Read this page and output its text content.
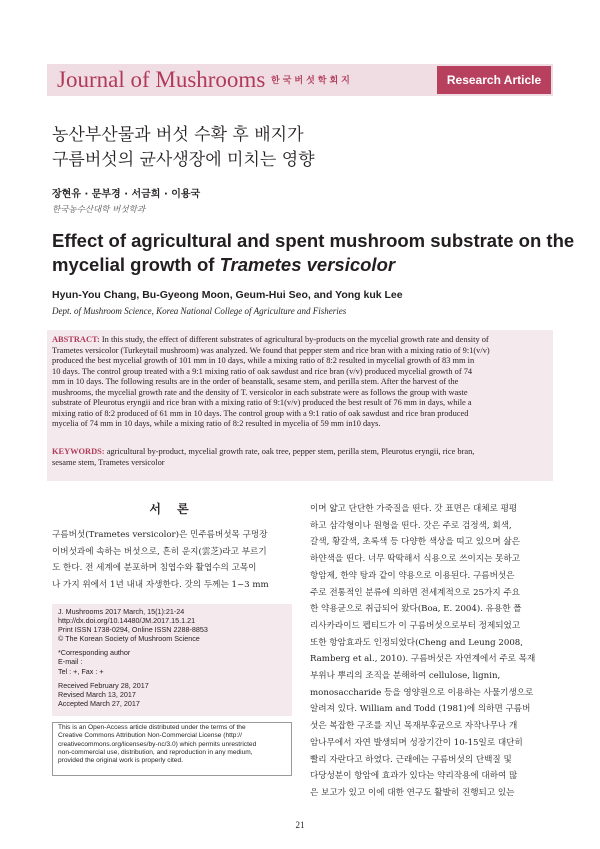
Journal of Mushrooms 한국버섯학회지	Research Article
농산부산물과 버섯 수확 후 배지가
구름버섯의 균사생장에 미치는 영향
장현유 · 문부경 · 서금희 · 이용국
한국농수산대학 버섯학과
Effect of agricultural and spent mushroom substrate on the
mycelial growth of Trametes versicolor
Hyun-You Chang, Bu-Gyeong Moon, Geum-Hui Seo, and Yong kuk Lee
Dept. of Mushroom Science, Korea National College of Agriculture and Fisheries
ABSTRACT: In this study, the effect of different substrates of agricultural by-products on the mycelial growth rate and density of
Trametes versicolor (Turkeytail mushroom) was analyzed. We found that pepper stem and rice bran with a mixing ratio of 9:1(v/v)
produced the best mycelial growth of 101 mm in 10 days, while a mixing ratio of 8:2 resulted in mycelial growth of 83 mm in
10 days. The control group treated with a 9:1 mixing ratio of oak sawdust and rice bran (v/v) produced mycelial growth of 74
mm in 10 days. The following results are in the order of beanstalk, sesame stem, and perilla stem. After the harvest of the
mushrooms, the mycelial growth rate and the density of T. versicolor in each substrate were as follows the group with waste
substrate of Pleurotus eryngii and rice bran with a mixing ratio of 9:1(v/v) produced the best result of 76 mm in days, while a
mixing ratio of 8:2 produced of 61 mm in 10 days. The control group with a 9:1 ratio of oak sawdust and rice bran produced
mycelia of 74 mm in 10 days, while a mixing ratio of 8:2 resulted in mycelia of 59 mm in10 days.
KEYWORDS: agricultural by-product, mycelial growth rate, oak tree, pepper stem, perilla stem, Pleurotus eryngii, rice bran,
sesame stem, Trametes versicolor
서 론
구름버섯(Trametes versicolor)은 민주름버섯목 구멍장
이버섯과에 속하는 버섯으로, 흔히 운지(雲芝)라고 부르기
도 한다. 전 세계에 분포하며 침엽수와 활엽수의 고목이
나 가지 위에서 1년 내내 자생한다. 갓의 두께는 1~3 mm
J. Mushrooms 2017 March, 15(1):21-24
http://dx.doi.org/10.14480/JM.2017.15.1.21
Print ISSN 1738-0294, Online ISSN 2288-8853
© The Korean Society of Mushroom Science
*Corresponding author
E-mail :
Tel : +, Fax : +
Received February 28, 2017
Revised March 13, 2017
Accepted March 27, 2017
This is an Open-Access article distributed under the terms of the
Creative Commons Attribution Non-Commercial License (http://
creativecommons.org/licenses/by-nc/3.0) which permits unrestricted
non-commercial use, distribution, and reproduction in any medium,
provided the original work is properly cited.
이며 얇고 단단한 가죽질을 띤다. 갓 표면은 대체로 평평
하고 삼각형이나 원형을 띤다. 갓은 주로 검정색, 회색,
갈색, 황갈색, 초록색 등 다양한 색상을 띠고 있으며 삶은
하얀색을 띤다. 너무 딱딱해서 식용으로 쓰이지는 못하고
항암제, 한약 탕과 같이 약용으로 이용된다. 구름버섯은
주로 전통적인 분류에 의하면 전세계적으로 25가지 주요
한 약용균으로 취급되어 왔다(Boa, E. 2004). 유용한 폴
리사카라이드 펩티드가 이 구름버섯으로부터 정제되었고
또한 항암효과도 인정되었다(Cheng and Leung 2008,
Ramberg et al., 2010). 구름버섯은 자연계에서 주로 목재
부위나 뿌리의 조직을 분해하여 cellulose, lignin,
monosaccharide 등을 영양원으로 이용하는 사물기생으로
알려져 있다. William and Todd (1981)에 의하면 구름버
섯은 복잡한 구조를 지닌 목재부후균으로 자작나무나 개
암나무에서 자연 발생되며 성장기간이 10-15일로 대단히
빨리 자란다고 하였다. 근래에는 구름버섯의 단백질 및
다당성분이 항암에 효과가 있다는 약리작용에 대하여 많
은 보고가 있고 이에 대한 연구도 활발히 진행되고 있는
21
